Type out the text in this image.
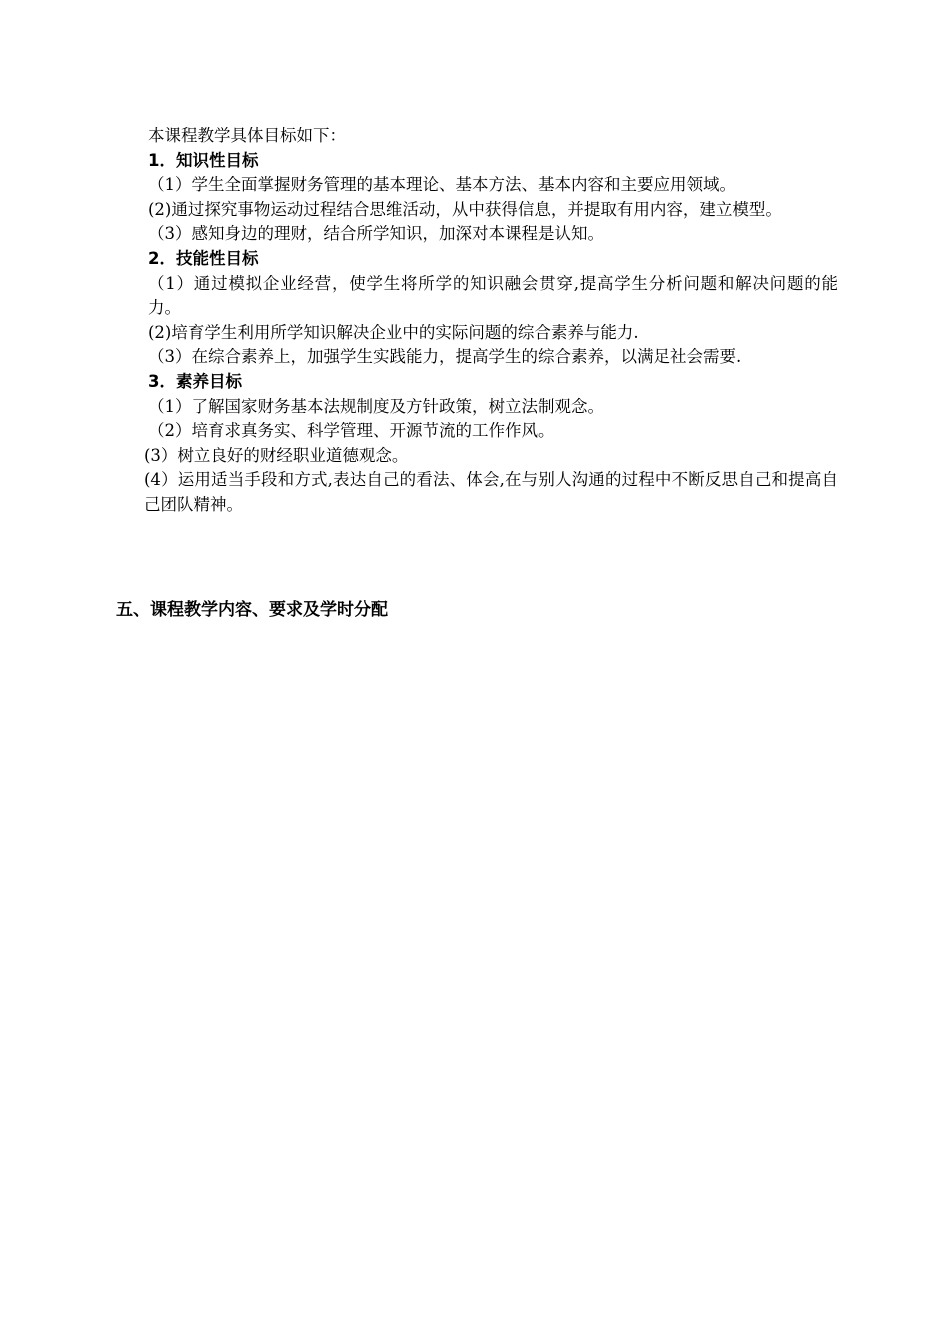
本课程教学具体目标如下：
1．知识性目标
（1）学生全面掌握财务管理的基本理论、基本方法、基本内容和主要应用领域。
(2)通过探究事物运动过程结合思维活动，从中获得信息，并提取有用内容，建立模型。
（3）感知身边的理财，结合所学知识，加深对本课程是认知。
2．技能性目标
（1）通过模拟企业经营，使学生将所学的知识融会贯穿,提高学生分析问题和解决问题的能力。
(2)培育学生利用所学知识解决企业中的实际问题的综合素养与能力.
（3）在综合素养上，加强学生实践能力，提高学生的综合素养，以满足社会需要.
3．素养目标
（1）了解国家财务基本法规制度及方针政策，树立法制观念。
（2）培育求真务实、科学管理、开源节流的工作作风。
(3）树立良好的财经职业道德观念。
(4）运用适当手段和方式,表达自己的看法、体会,在与别人沟通的过程中不断反思自己和提高自己团队精神。
五、课程教学内容、要求及学时分配
